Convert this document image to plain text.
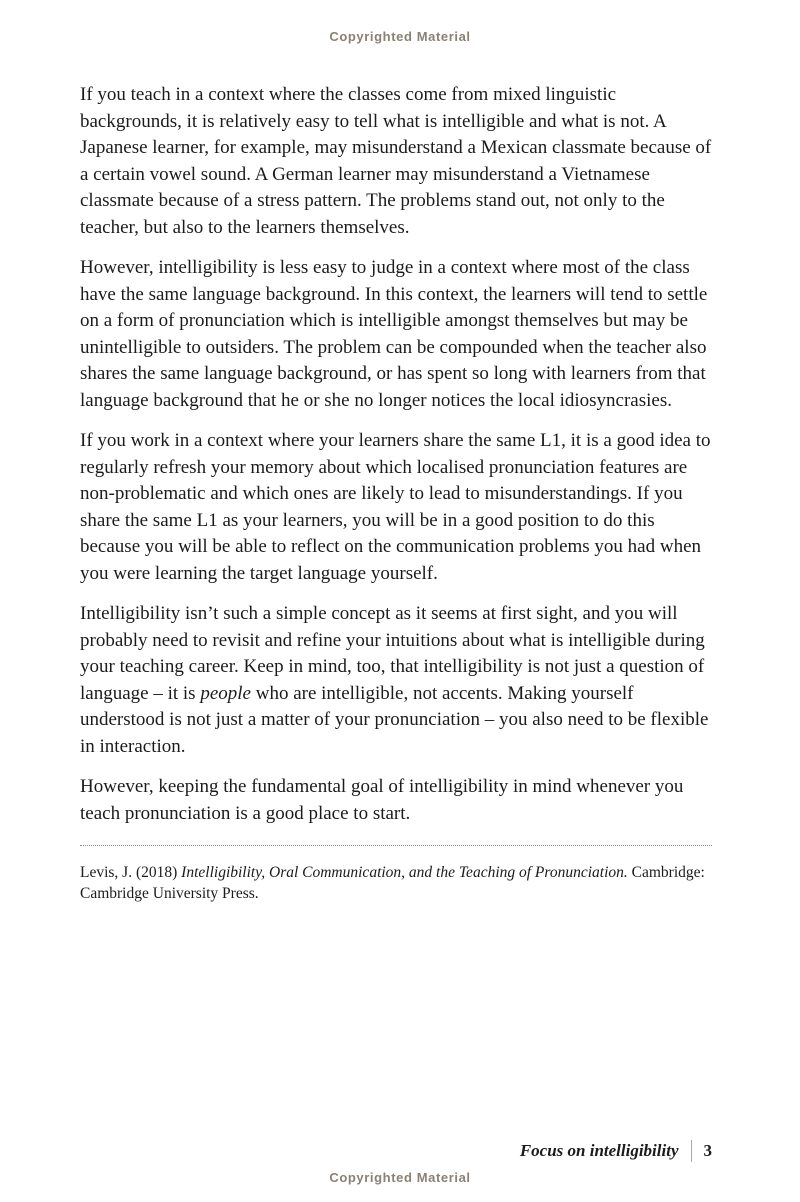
Copyrighted Material

If you teach in a context where the classes come from mixed linguistic backgrounds, it is relatively easy to tell what is intelligible and what is not. A Japanese learner, for example, may misunderstand a Mexican classmate because of a certain vowel sound. A German learner may misunderstand a Vietnamese classmate because of a stress pattern. The problems stand out, not only to the teacher, but also to the learners themselves.

However, intelligibility is less easy to judge in a context where most of the class have the same language background. In this context, the learners will tend to settle on a form of pronunciation which is intelligible amongst themselves but may be unintelligible to outsiders. The problem can be compounded when the teacher also shares the same language background, or has spent so long with learners from that language background that he or she no longer notices the local idiosyncrasies.

If you work in a context where your learners share the same L1, it is a good idea to regularly refresh your memory about which localised pronunciation features are non-problematic and which ones are likely to lead to misunderstandings. If you share the same L1 as your learners, you will be in a good position to do this because you will be able to reflect on the communication problems you had when you were learning the target language yourself.

Intelligibility isn’t such a simple concept as it seems at first sight, and you will probably need to revisit and refine your intuitions about what is intelligible during your teaching career. Keep in mind, too, that intelligibility is not just a question of language – it is people who are intelligible, not accents. Making yourself understood is not just a matter of your pronunciation – you also need to be flexible in interaction.

However, keeping the fundamental goal of intelligibility in mind whenever you teach pronunciation is a good place to start.

Levis, J. (2018) Intelligibility, Oral Communication, and the Teaching of Pronunciation. Cambridge: Cambridge University Press.

Focus on intelligibility 3
Copyrighted Material
